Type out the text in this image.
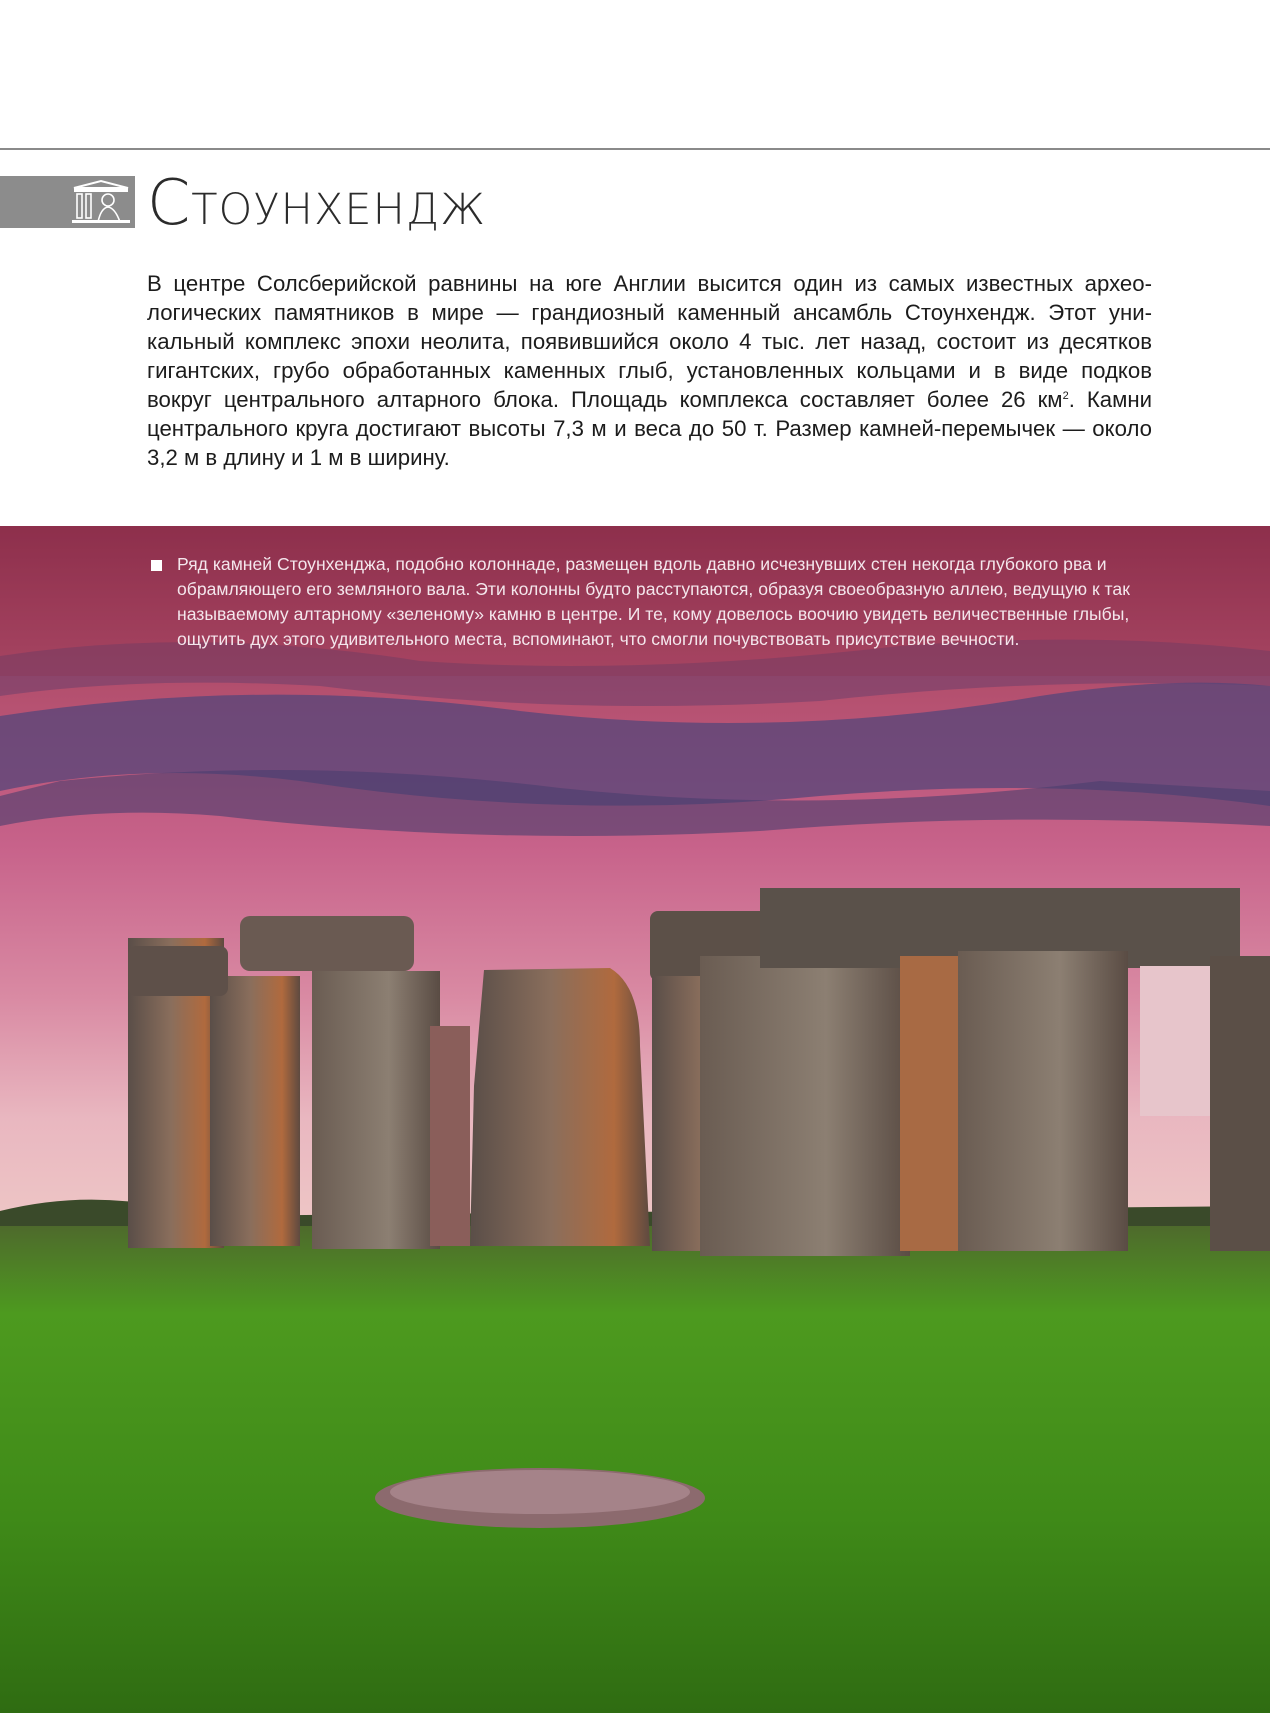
Стоунхендж

В центре Солсберийской равнины на юге Англии высится один из самых известных археологических памятников в мире — грандиозный каменный ансамбль Стоунхендж. Этот уникальный комплекс эпохи неолита, появившийся около 4 тыс. лет назад, состоит из десятков гигантских, грубо обработанных каменных глыб, установленных кольцами и в виде подков вокруг центрального алтарного блока. Площадь комплекса составляет более 26 $км^2$. Камни центрального круга достигают высоты 7,3 м и веса до 50 т. Размер камней-перемычек — около 3,2 м в длину и 1 м в ширину.

Ряд камней Стоунхенджа, подобно колоннаде, размещен вдоль давно исчезнувших стен некогда глубокого рва и обрамляющего его земляного вала. Эти колонны будто расступаются, образуя своеобразную аллею, ведущую к так называемому алтарному «зеленому» камню в центре. И те, кому довелось воочию увидеть величественные глыбы, ощутить дух этого удивительного места, вспоминают, что смогли почувствовать присутствие вечности.
